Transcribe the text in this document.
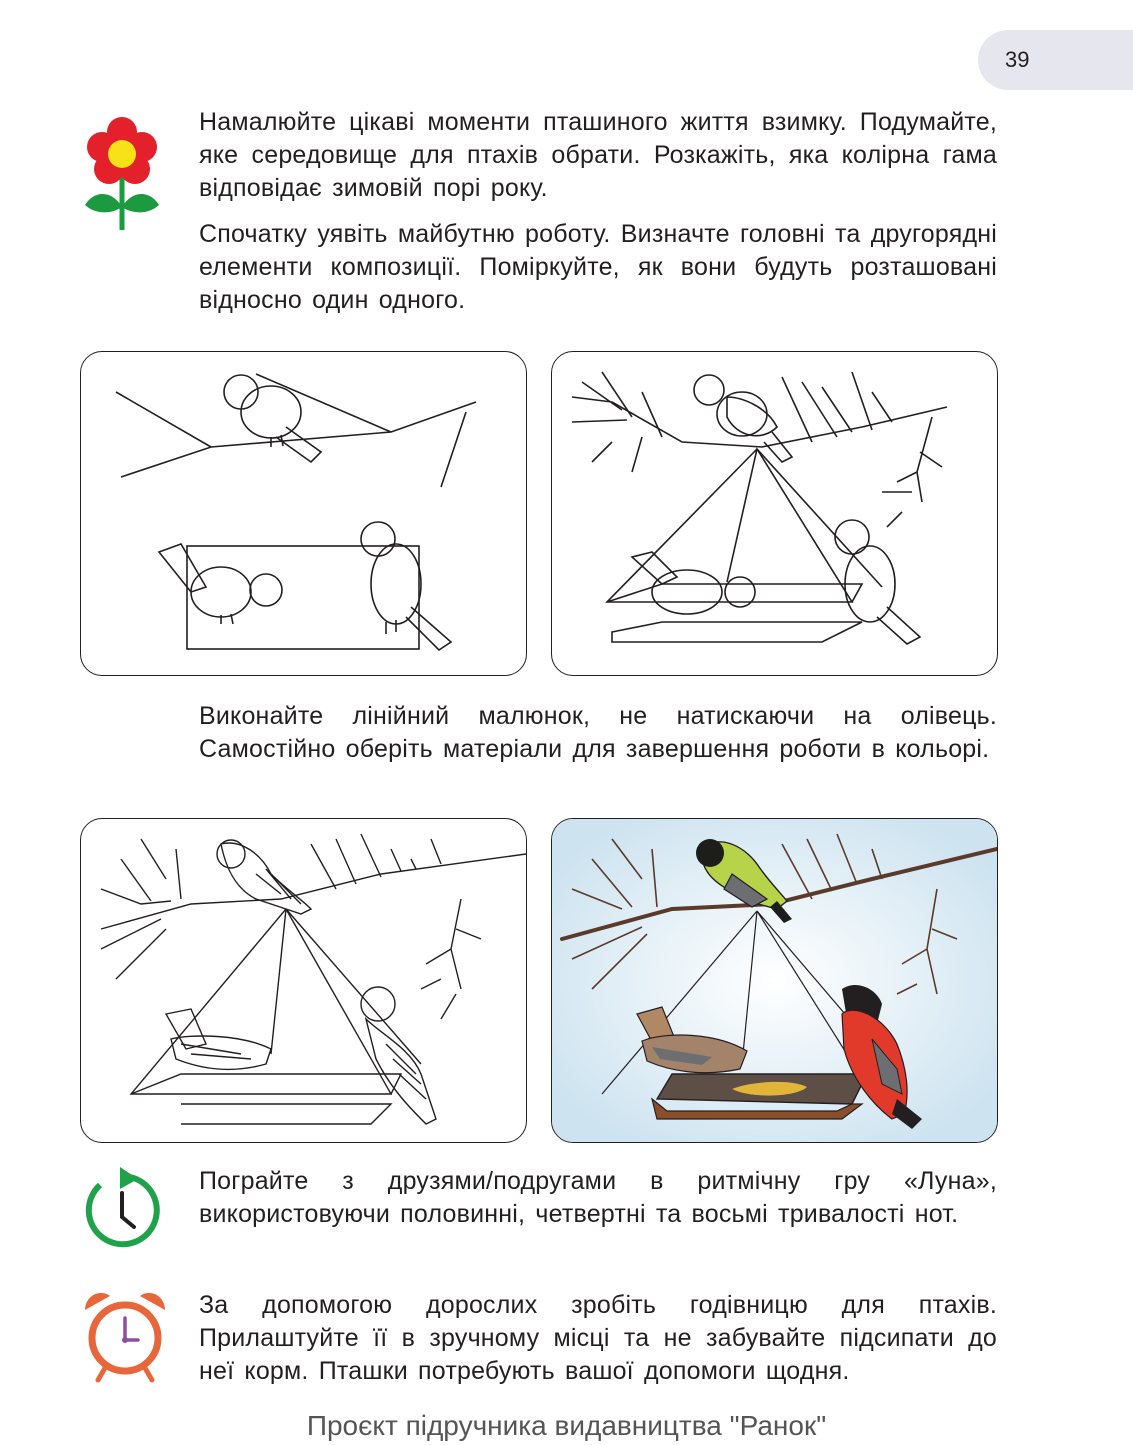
39

Намалюйте цікаві моменти пташиного життя взимку. Подумайте, яке середовище для птахів обрати. Розкажіть, яка колірна гама відповідає зимовій порі року.

Спочатку уявіть майбутню роботу. Визначте головні та другорядні елементи композиції. Поміркуйте, як вони будуть розташовані відносно один одного.

Виконайте лінійний малюнок, не натискаючи на олівець. Самостійно оберіть матеріали для завершення роботи в кольорі.

Пограйте з друзями/подругами в ритмічну гру «Луна», використовуючи половинні, четвертні та восьмі тривалості нот.

За допомогою дорослих зробіть годівницю для птахів. Прилаштуйте її в зручному місці та не забувайте підсипати до неї корм. Пташки потребують вашої допомоги щодня.

Проєкт підручника видавництва "Ранок"
